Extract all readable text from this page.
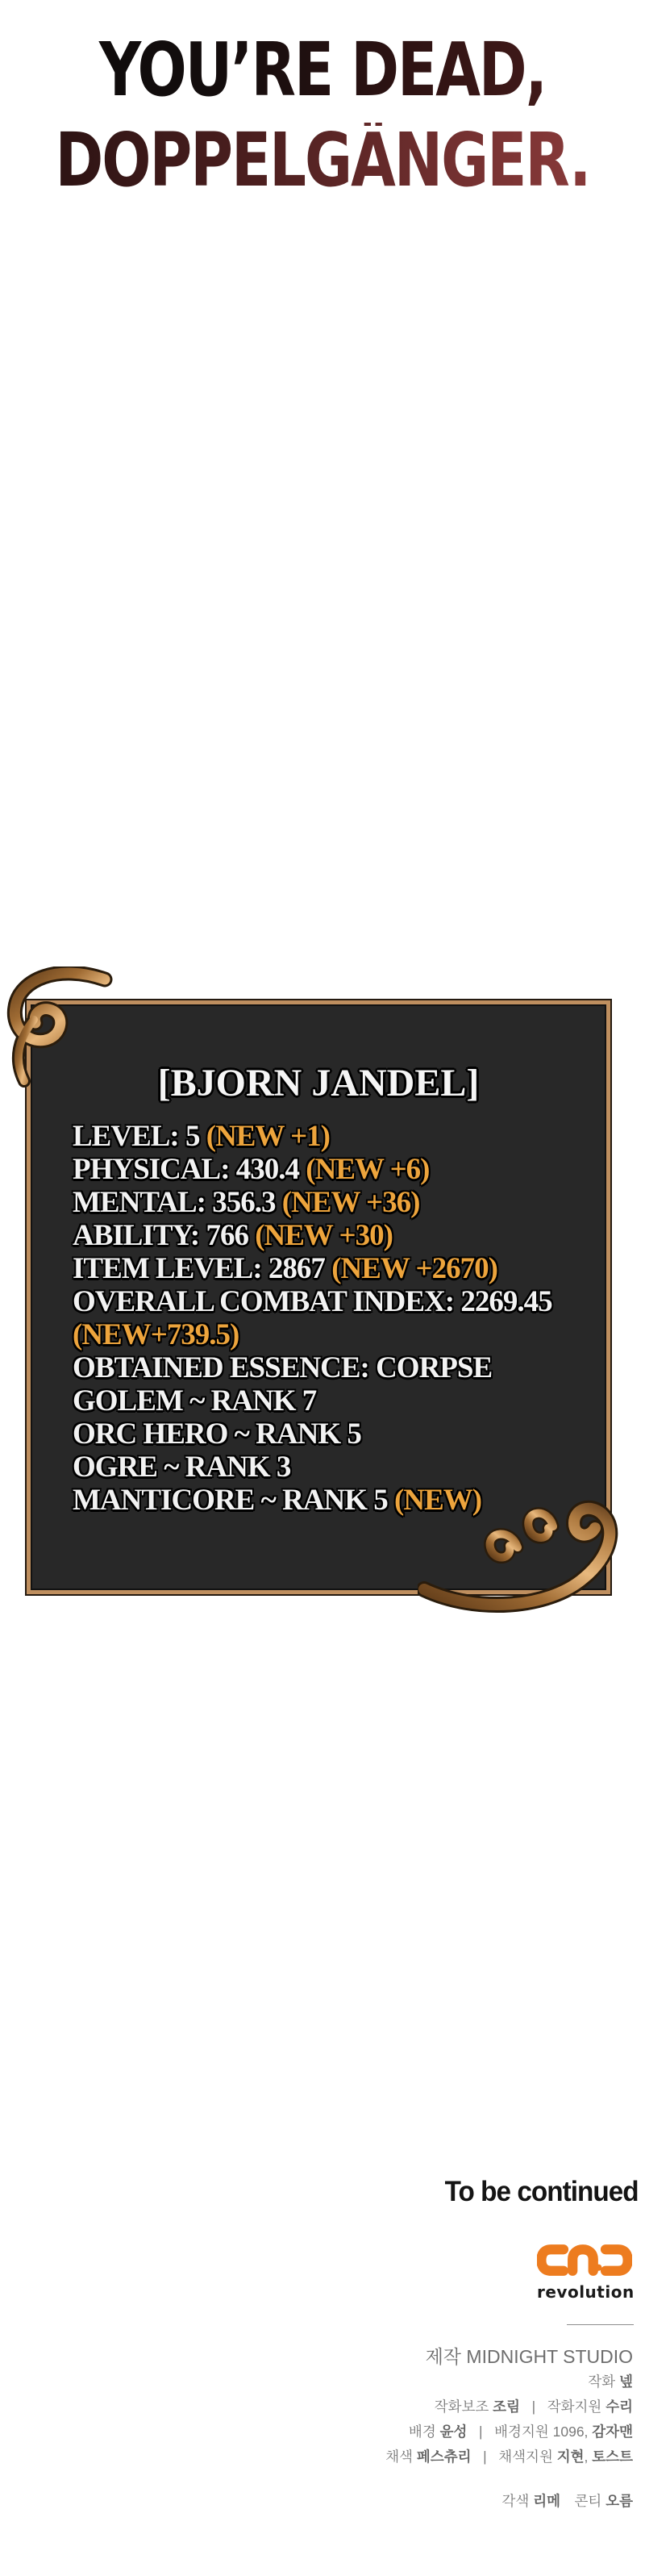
YOU’RE DEAD,
DOPPELGÄNGER.
[BJORN JANDEL]
LEVEL: 5 (NEW +1)
PHYSICAL: 430.4 (NEW +6)
MENTAL: 356.3 (NEW +36)
ABILITY: 766 (NEW +30)
ITEM LEVEL: 2867 (NEW +2670)
OVERALL COMBAT INDEX: 2269.45
(NEW+739.5)
OBTAINED ESSENCE: CORPSE
GOLEM ~ RANK 7
ORC HERO ~ RANK 5
OGRE ~ RANK 3
MANTICORE ~ RANK 5 (NEW)
To be continued
revolution
제작 MIDNIGHT STUDIO
작화 넾
작화보조 조림   |   작화지원 수리
배경 윤성   |   배경지원 1096, 감자맨
채색 페스츄리   |   채색지원 지현, 토스트
각색 리메  콘티 오름
